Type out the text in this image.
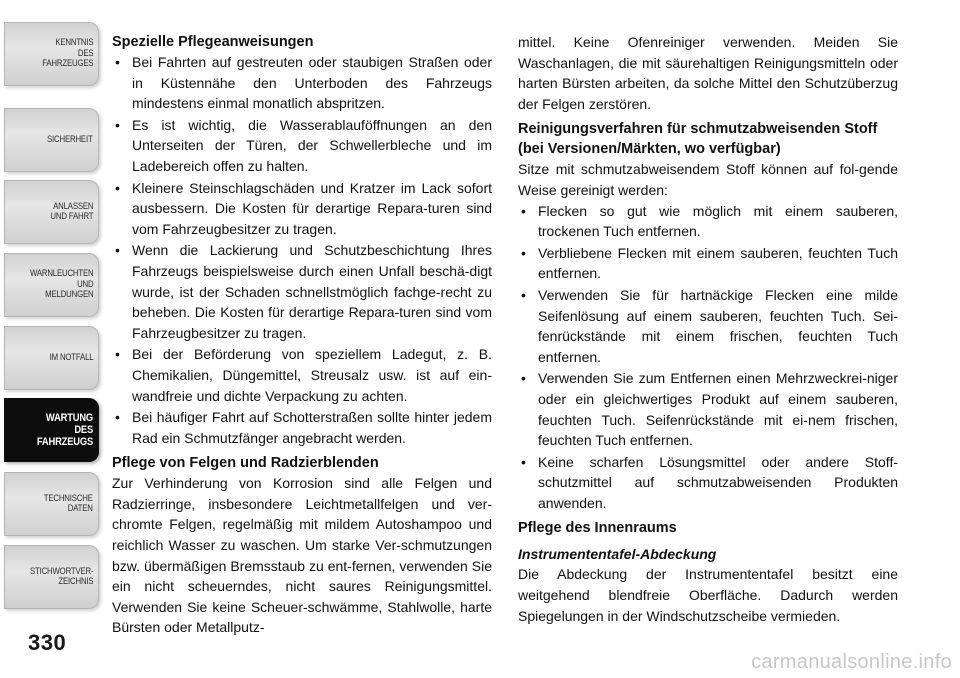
KENNTNIS
DES
FAHRZEUGES
SICHERHEIT
ANLASSEN
UND FAHRT
WARNLEUCHTEN
UND
MELDUNGEN
IM NOTFALL
WARTUNG
DES
FAHRZEUGS
TECHNISCHE
DATEN
STICHWORTVER-
ZEICHNIS
330
Spezielle Pflegeanweisungen
• Bei Fahrten auf gestreuten oder staubigen Straßen oder in Küstennähe den Unterboden des Fahrzeugs mindestens einmal monatlich abspritzen.
• Es ist wichtig, die Wasserablauföffnungen an den Unterseiten der Türen, der Schwellerbleche und im Ladebereich offen zu halten.
• Kleinere Steinschlagschäden und Kratzer im Lack sofort ausbessern. Die Kosten für derartige Repara-turen sind vom Fahrzeugbesitzer zu tragen.
• Wenn die Lackierung und Schutzbeschichtung Ihres Fahrzeugs beispielsweise durch einen Unfall beschä-digt wurde, ist der Schaden schnellstmöglich fachge-recht zu beheben. Die Kosten für derartige Repara-turen sind vom Fahrzeugbesitzer zu tragen.
• Bei der Beförderung von speziellem Ladegut, z. B. Chemikalien, Düngemittel, Streusalz usw. ist auf ein-wandfreie und dichte Verpackung zu achten.
• Bei häufiger Fahrt auf Schotterstraßen sollte hinter jedem Rad ein Schmutzfänger angebracht werden.
Pflege von Felgen und Radzierblenden

Zur Verhinderung von Korrosion sind alle Felgen und Radzierringe, insbesondere Leichtmetallfelgen und ver-chromte Felgen, regelmäßig mit mildem Autoshampoo und reichlich Wasser zu waschen. Um starke Ver-schmutzungen bzw. übermäßigen Bremsstaub zu ent-fernen, verwenden Sie ein nicht scheuerndes, nicht saures Reinigungsmittel. Verwenden Sie keine Scheuer-schwämme, Stahlwolle, harte Bürsten oder Metallputz-

mittel. Keine Ofenreiniger verwenden. Meiden Sie Waschanlagen, die mit säurehaltigen Reinigungsmitteln oder harten Bürsten arbeiten, da solche Mittel den Schutzüberzug der Felgen zerstören.

Reinigungsverfahren für schmutzabweisenden Stoff (bei Versionen/Märkten, wo verfügbar)

Sitze mit schmutzabweisendem Stoff können auf fol-gende Weise gereinigt werden:

• Flecken so gut wie möglich mit einem sauberen, trockenen Tuch entfernen.
• Verbliebene Flecken mit einem sauberen, feuchten Tuch entfernen.
• Verwenden Sie für hartnäckige Flecken eine milde Seifenlösung auf einem sauberen, feuchten Tuch. Sei-fenrückstände mit einem frischen, feuchten Tuch entfernen.
• Verwenden Sie zum Entfernen einen Mehrzweckrei-niger oder ein gleichwertiges Produkt auf einem sauberen, feuchten Tuch. Seifenrückstände mit ei-nem frischen, feuchten Tuch entfernen.
• Keine scharfen Lösungsmittel oder andere Stoff-schutzmittel auf schmutzabweisenden Produkten anwenden.
Pflege des Innenraums
Instrumententafel-Abdeckung

Die Abdeckung der Instrumententafel besitzt eine weitgehend blendfreie Oberfläche. Dadurch werden Spiegelungen in der Windschutzscheibe vermieden.

carmanualsonline.info
